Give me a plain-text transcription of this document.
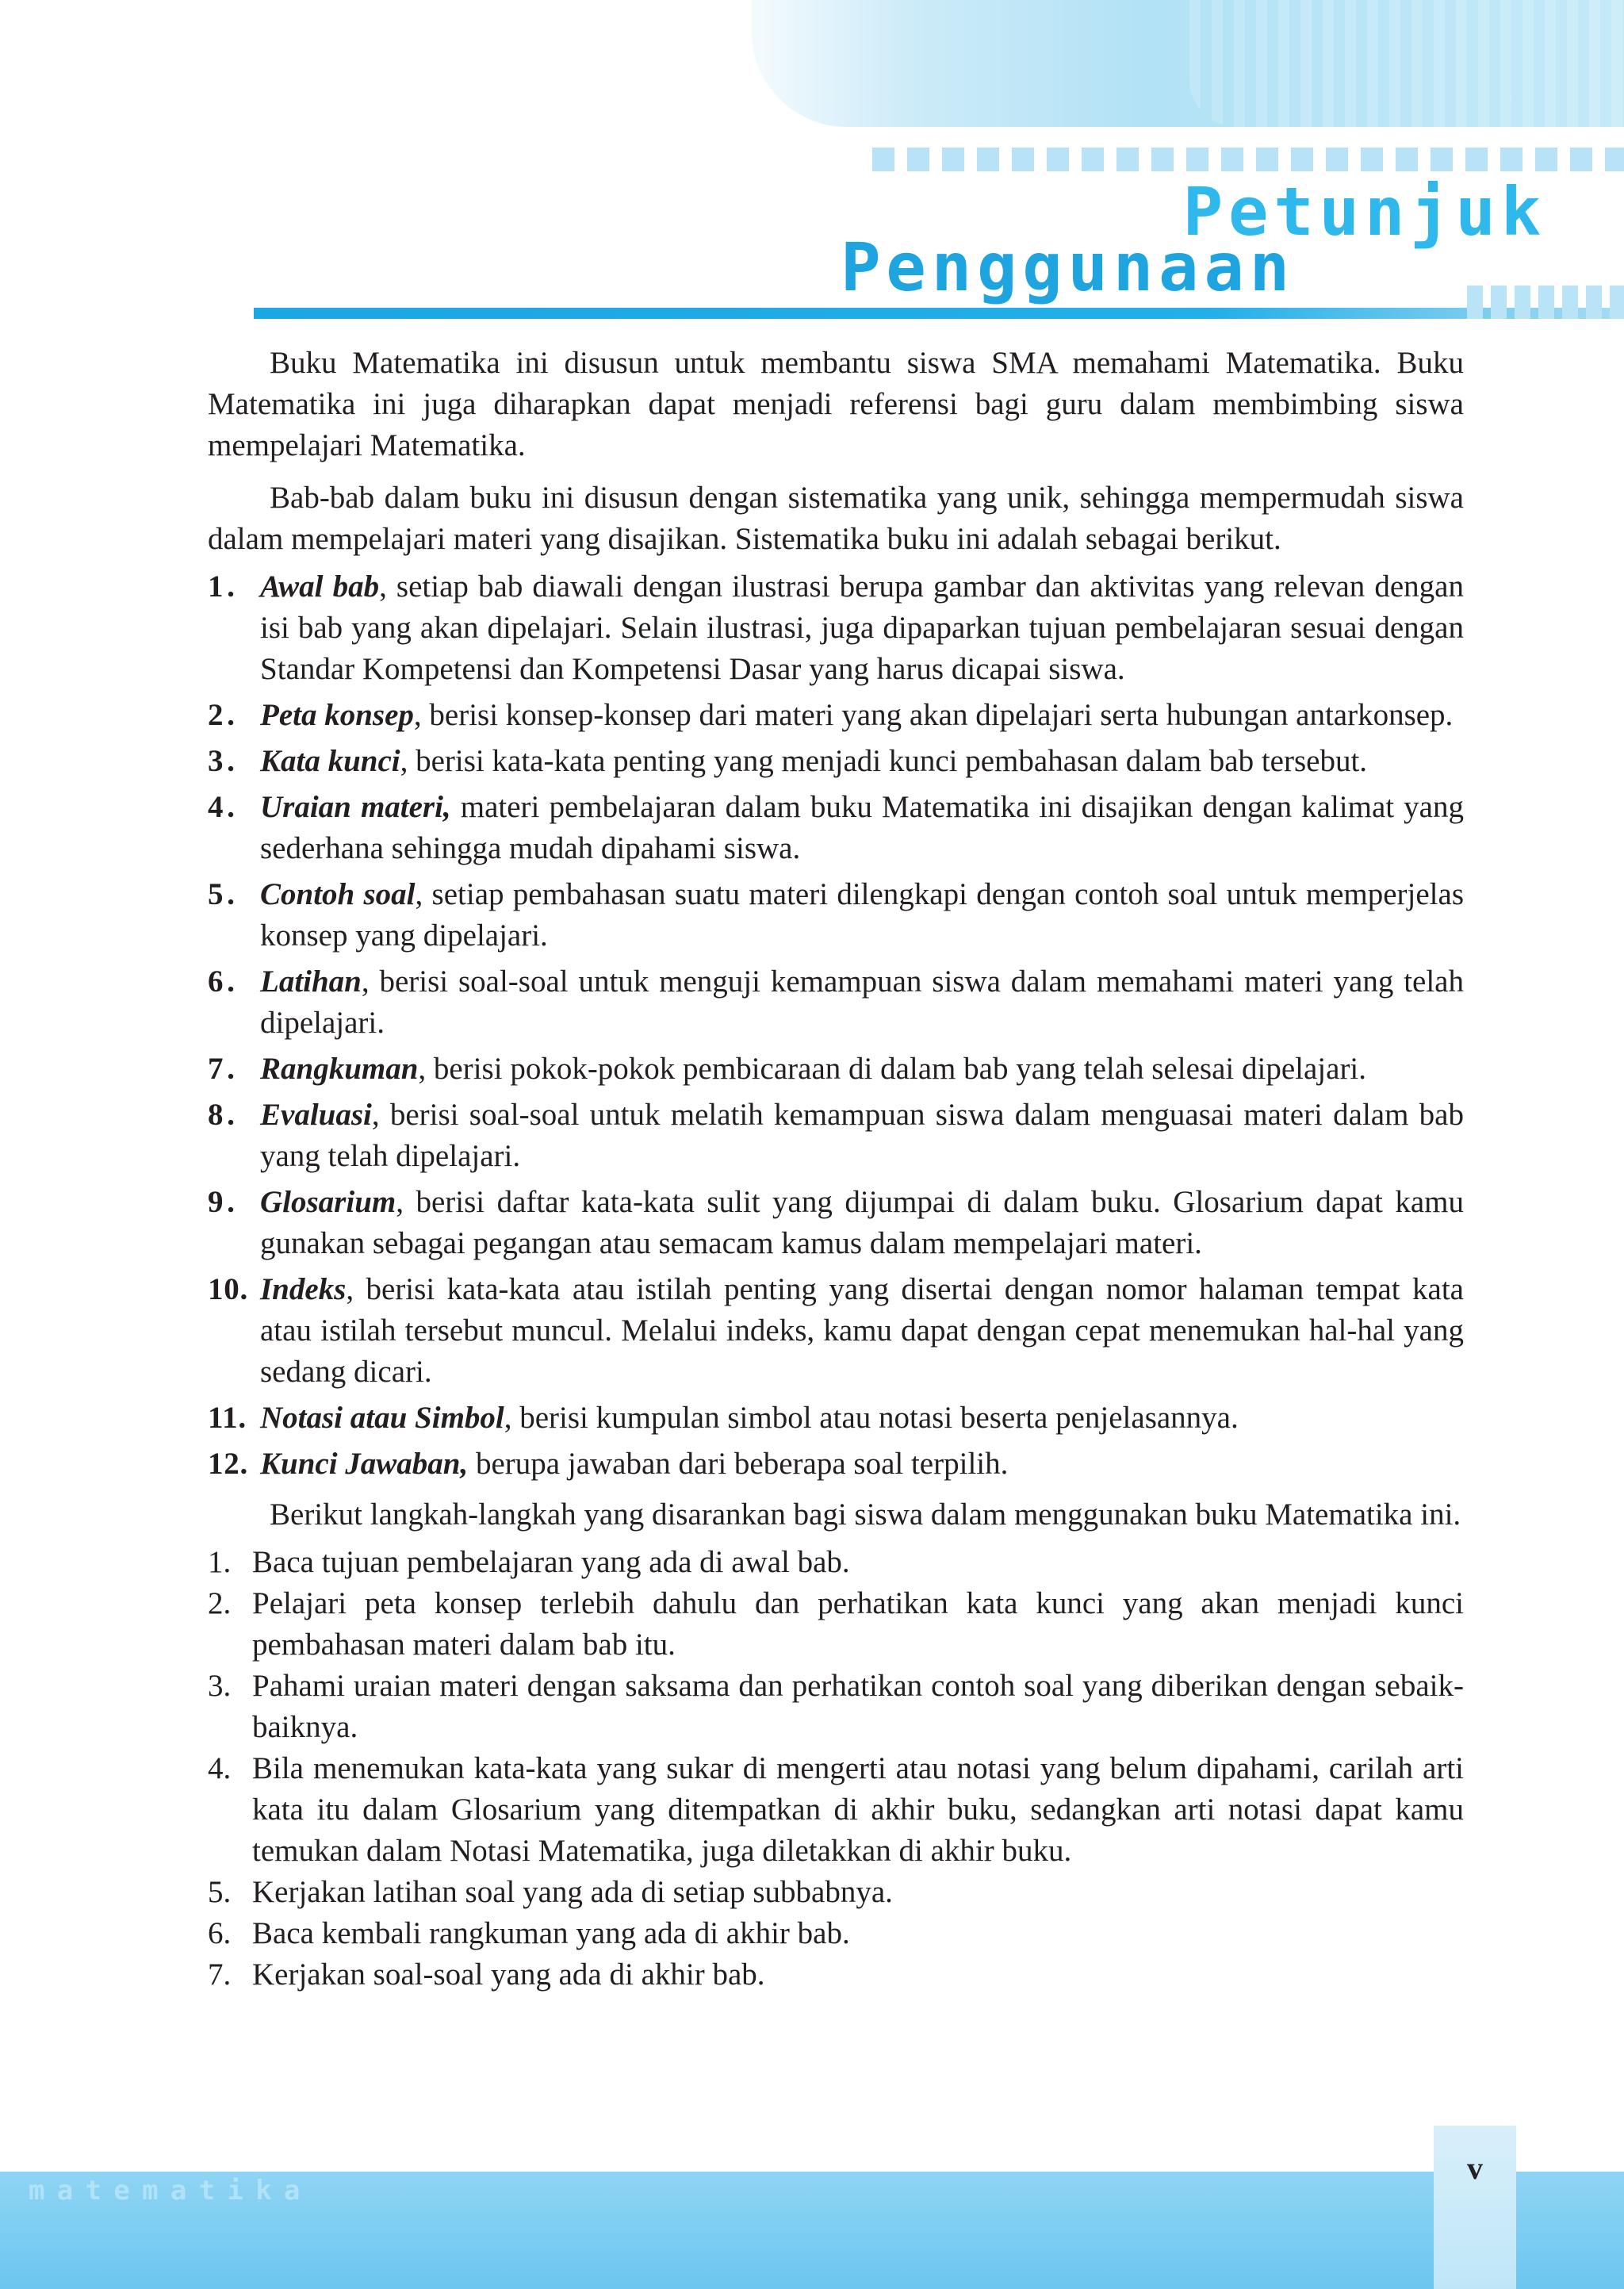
Petunjuk
Penggunaan

Buku Matematika ini disusun untuk membantu siswa SMA memahami Matematika. Buku Matematika ini juga diharapkan dapat menjadi referensi bagi guru dalam membimbing siswa mempelajari Matematika.

Bab-bab dalam buku ini disusun dengan sistematika yang unik, sehingga mempermudah siswa dalam mempelajari materi yang disajikan. Sistematika buku ini adalah sebagai berikut.

1. Awal bab, setiap bab diawali dengan ilustrasi berupa gambar dan aktivitas yang relevan dengan isi bab yang akan dipelajari. Selain ilustrasi, juga dipaparkan tujuan pembelajaran sesuai dengan Standar Kompetensi dan Kompetensi Dasar yang harus dicapai siswa.
2. Peta konsep, berisi konsep-konsep dari materi yang akan dipelajari serta hubungan antarkonsep.
3. Kata kunci, berisi kata-kata penting yang menjadi kunci pembahasan dalam bab tersebut.
4. Uraian materi, materi pembelajaran dalam buku Matematika ini disajikan dengan kalimat yang sederhana sehingga mudah dipahami siswa.
5. Contoh soal, setiap pembahasan suatu materi dilengkapi dengan contoh soal untuk memperjelas konsep yang dipelajari.
6. Latihan, berisi soal-soal untuk menguji kemampuan siswa dalam memahami materi yang telah dipelajari.
7. Rangkuman, berisi pokok-pokok pembicaraan di dalam bab yang telah selesai dipelajari.
8. Evaluasi, berisi soal-soal untuk melatih kemampuan siswa dalam menguasai materi dalam bab yang telah dipelajari.
9. Glosarium, berisi daftar kata-kata sulit yang dijumpai di dalam buku. Glosarium dapat kamu gunakan sebagai pegangan atau semacam kamus dalam mempelajari materi.
10. Indeks, berisi kata-kata atau istilah penting yang disertai dengan nomor halaman tempat kata atau istilah tersebut muncul. Melalui indeks, kamu dapat dengan cepat menemukan hal-hal yang sedang dicari.
11. Notasi atau Simbol, berisi kumpulan simbol atau notasi beserta penjelasannya.
12. Kunci Jawaban, berupa jawaban dari beberapa soal terpilih.

Berikut langkah-langkah yang disarankan bagi siswa dalam menggunakan buku Matematika ini.

1. Baca tujuan pembelajaran yang ada di awal bab.
2. Pelajari peta konsep terlebih dahulu dan perhatikan kata kunci yang akan menjadi kunci pembahasan materi dalam bab itu.
3. Pahami uraian materi dengan saksama dan perhatikan contoh soal yang diberikan dengan sebaik-baiknya.
4. Bila menemukan kata-kata yang sukar di mengerti atau notasi yang belum dipahami, carilah arti kata itu dalam Glosarium yang ditempatkan di akhir buku, sedangkan arti notasi dapat kamu temukan dalam Notasi Matematika, juga diletakkan di akhir buku.
5. Kerjakan latihan soal yang ada di setiap subbabnya.
6. Baca kembali rangkuman yang ada di akhir bab.
7. Kerjakan soal-soal yang ada di akhir bab.
matematika
v
